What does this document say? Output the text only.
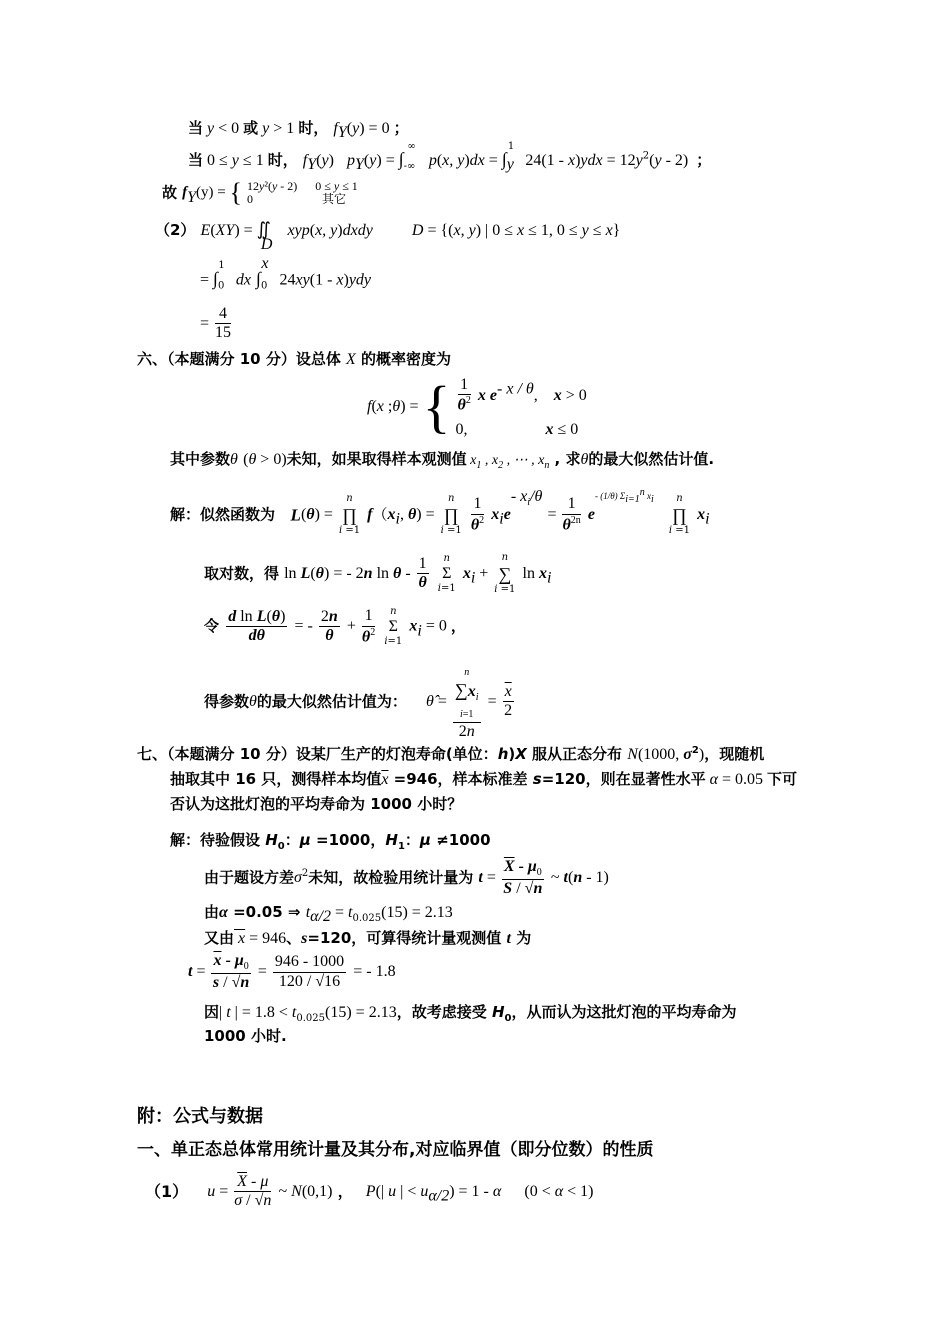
当 y < 0 或 y > 1 时， $f_Y(y) = 0$ ；
当 0 ≤ y ≤ 1 时， $f_Y(y) p_Y(y) = \int_{-\infty}^\infty$ p(x, $y)dx = \int_y^1$ $24(1 - x)ydx = 12y^2(y - 2)$  ；
故 $f_Y(y)$ = { 12y²(y - 2)      0 ≤ y ≤ 1
0                       其它
（2） $E(XY) = ∬_D$ xyp(x, y)dxdy D = {(x, y) | 0 ≤ x ≤ 1, 0 ≤ y ≤ x}
= $\int_0^1$ dx $\int_0^x$ 24xy(1 - x)ydy
= $\frac{4}{15}$
六、（本题满分 10 分）设总体 X 的概率密度为
f(x ;θ) = { $\frac{1}{\theta^2}$ x $e^{- x / \theta}$,    x > 0
0,	x ≤ 0
其中参数θ (θ > 0)未知，如果取得样本观测值 $x_1$ , $x_2$ , ⋯ , $x_n$ , 求θ的最大似然估计值.
解：似然函数为   L(θ) =
n
∏
i =1
$f(x_i$, θ) =
n
∏
i =1
$\frac{1}{\theta^2} x_ie^{- x_i/\theta} = \frac{1}{\theta^{2n}} e^{- (1/\theta) \Sigma_{i=1}^n x_i}$	n
∏
i =1
$x_i$
取对数，得 ln L(θ) = - 2n ln θ - $\frac{1}{\theta}$
	n
Σ
i=1
$x_i$ +
n
∑
i =1
$\ln x_i$
令 $\frac{\text{d ln L(θ)}}{d\theta}$ = - $\frac{2n}{\theta} + \frac{1}{\theta^2}$
	n
Σ
i=1
$x_i = 0$ ，
得参数θ的最大似然估计值为： θ̂ =
n
$\sum x_i$
i=1
2n
= $\frac{\overline{x}}{2}$
七、（本题满分 10 分）设某厂生产的灯泡寿命(单位：h)X 服从正态分布 N(1000, $\sigma^2$)，现随机
抽取其中 16 只，测得样本均值$\overline{x} =946$，样本标准差 s=120，则在显著性水平 α = 0.05 下可
否认为这批灯泡的平均寿命为 1000 小时？
解：待验假设 $H_0$：μ =1000，$H_1$：μ ≠1000
由于题设方差$\sigma^2$未知，故检验用统计量为 $t = \frac{\overline{X} - \mu_0}{S / √n}$ ~ t(n - 1)
由α =0.05 ⇒ $t_{\alpha/2} = t_{0.025}(15) = 2.13$
又由 x = 946、s=120，可算得统计量观测值 t 为
$t = \frac{\overline{x} - \mu_0}{s / √n} = \frac{946 - 1000}{120 / √16}$ = - 1.8
因| t | = $1.8 < t_{0.025}(15) = 2.13$，故考虑接受 $H_0$，从而认为这批灯泡的平均寿命为
1000 小时.
附：公式与数据
一、单正态总体常用统计量及其分布,对应临界值（即分位数）的性质
（1） $u = \frac{\overline{X} - \mu}{\sigma / √n}$ ~ N(0,1) ， P(| u | < $u_{\alpha/2}) = 1 - \alpha$ (0 < α < 1)
